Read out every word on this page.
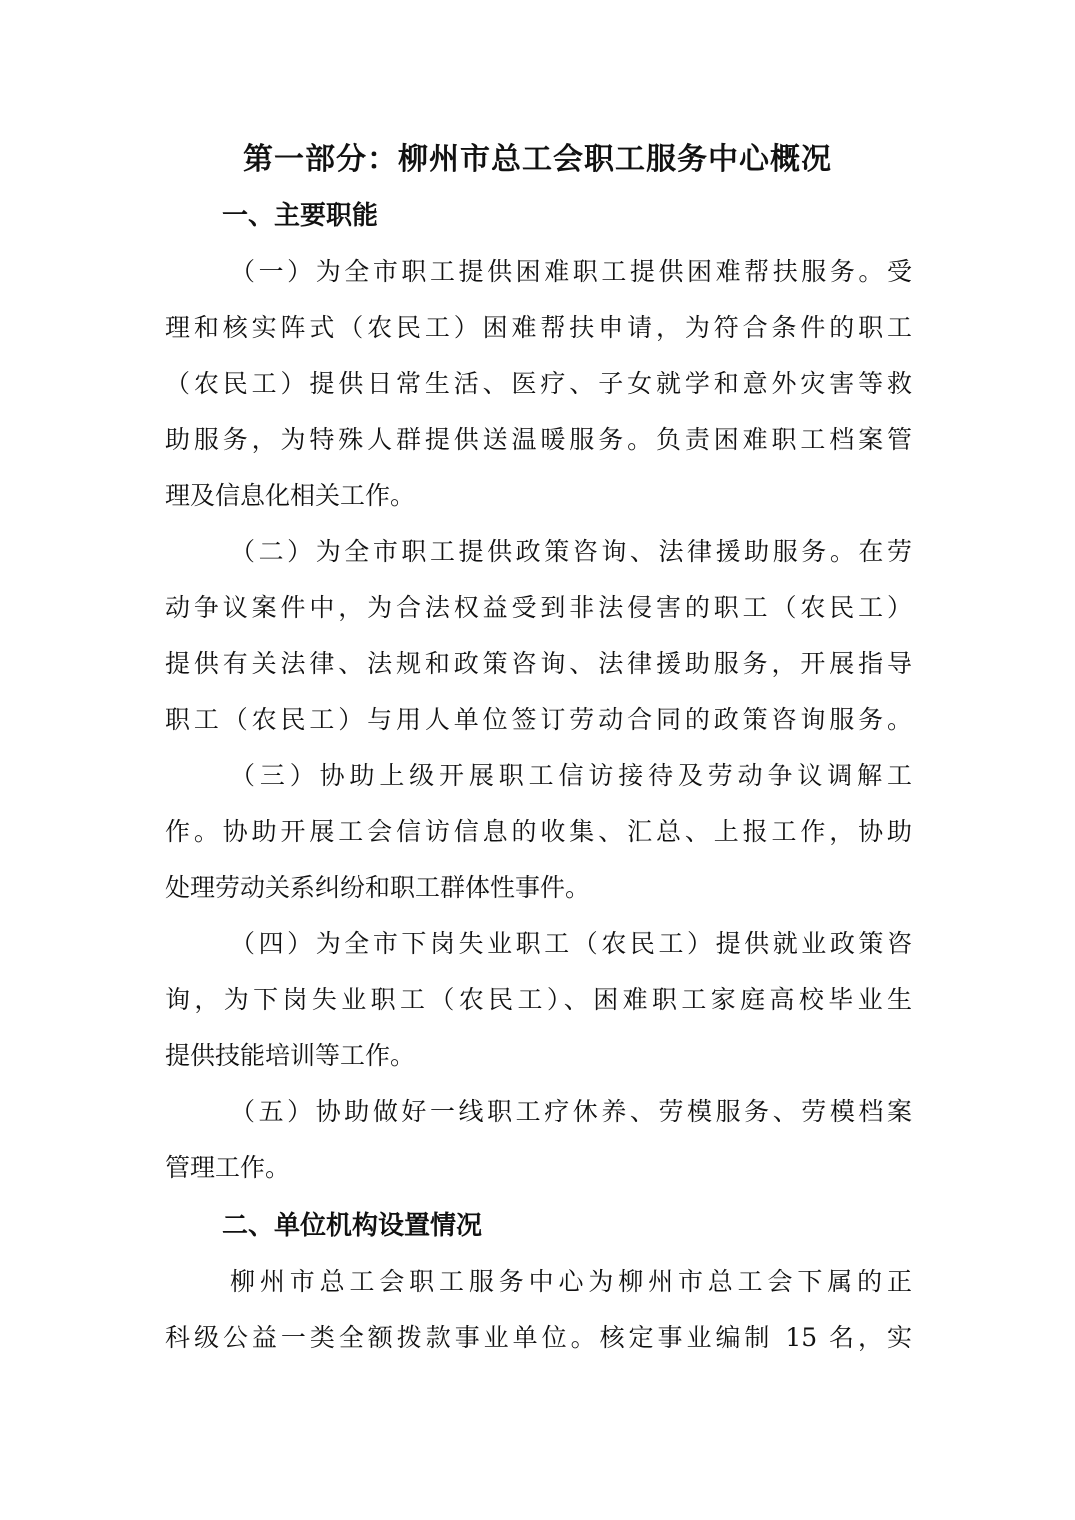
第一部分：柳州市总工会职工服务中心概况
一、主要职能
（一）为全市职工提供困难职工提供困难帮扶服务。受
理和核实阵式（农民工）困难帮扶申请，为符合条件的职工
（农民工）提供日常生活、医疗、子女就学和意外灾害等救
助服务，为特殊人群提供送温暖服务。负责困难职工档案管
理及信息化相关工作。
（二）为全市职工提供政策咨询、法律援助服务。在劳
动争议案件中，为合法权益受到非法侵害的职工（农民工）
提供有关法律、法规和政策咨询、法律援助服务，开展指导
职工（农民工）与用人单位签订劳动合同的政策咨询服务。
（三）协助上级开展职工信访接待及劳动争议调解工
作。协助开展工会信访信息的收集、汇总、上报工作，协助
处理劳动关系纠纷和职工群体性事件。
（四）为全市下岗失业职工（农民工）提供就业政策咨
询，为下岗失业职工（农民工）、困难职工家庭高校毕业生
提供技能培训等工作。
（五）协助做好一线职工疗休养、劳模服务、劳模档案
管理工作。
二、单位机构设置情况
柳州市总工会职工服务中心为柳州市总工会下属的正
科级公益一类全额拨款事业单位。核定事业编制 15 名，实
